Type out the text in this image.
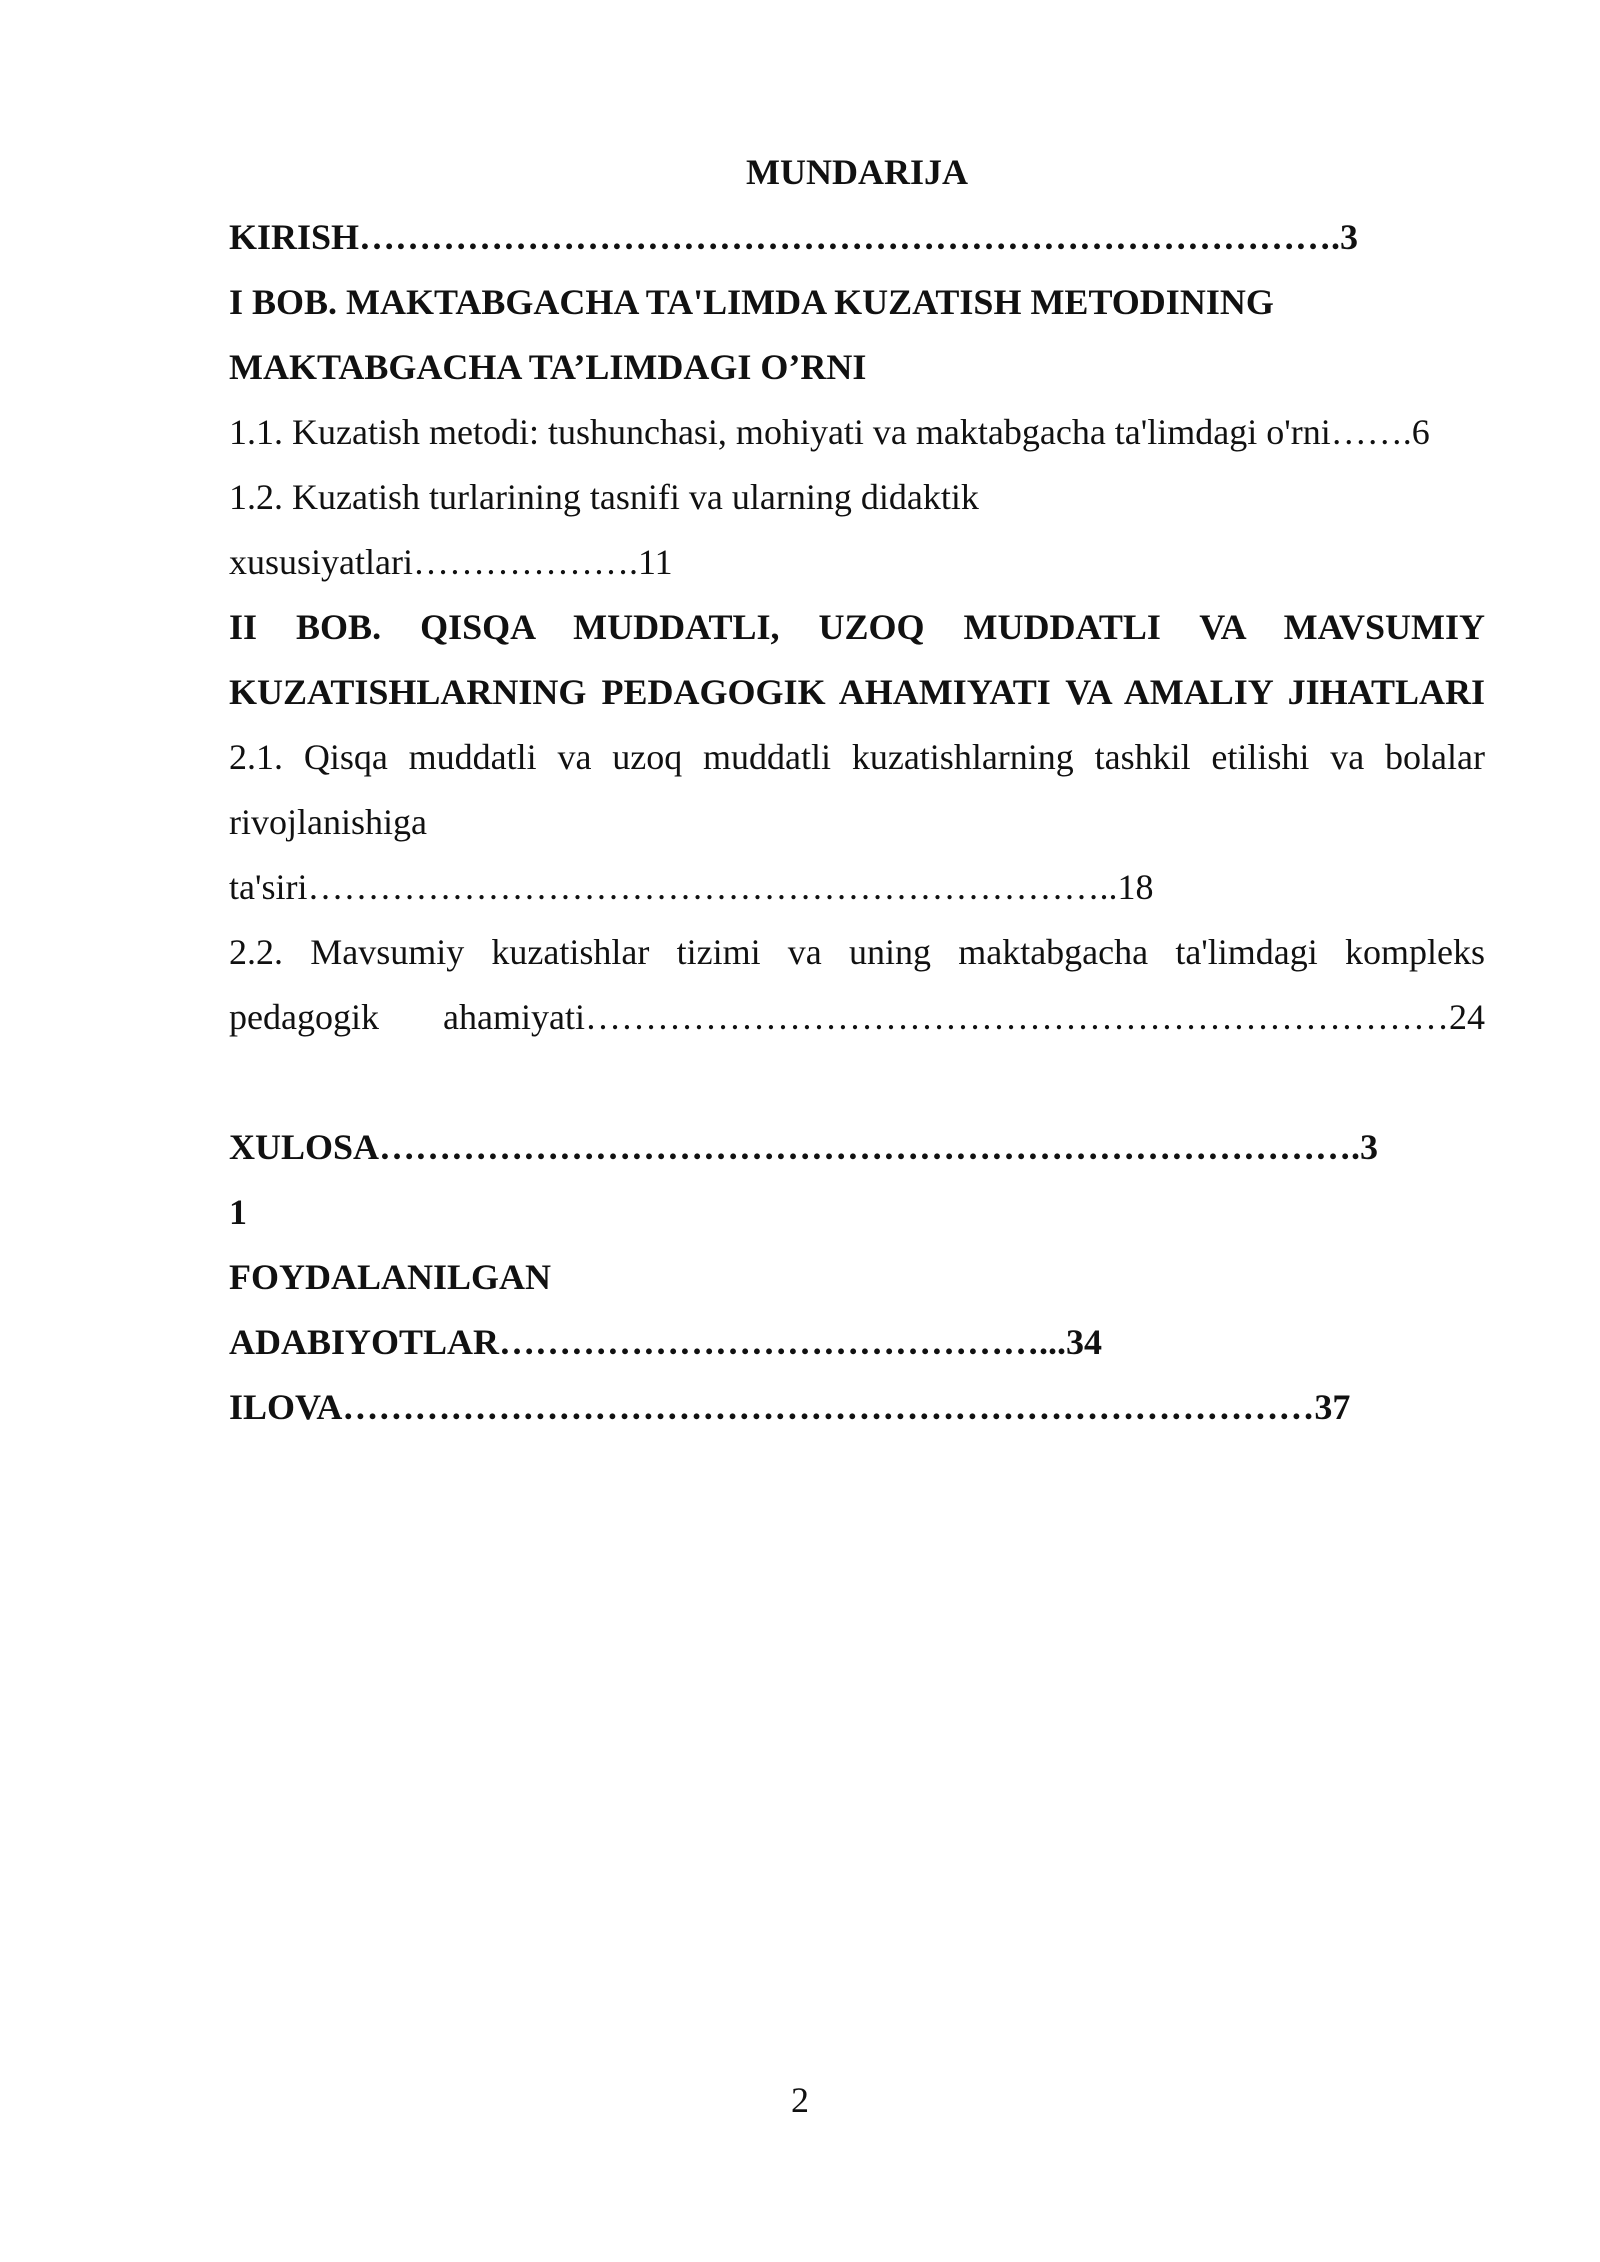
MUNDARIJA

KIRISH……………………………………………………………………….3

I BOB. MAKTABGACHA TA'LIMDA KUZATISH METODINING

MAKTABGACHA TA’LIMDAGI O’RNI

1.1. Kuzatish metodi: tushunchasi, mohiyati va maktabgacha ta'limdagi o'rni…….6

1.2. Kuzatish turlarining tasnifi va ularning didaktik

xususiyatlari……………….11

II BOB. QISQA MUDDATLI, UZOQ MUDDATLI VA MAVSUMIY KUZATISHLARNING PEDAGOGIK AHAMIYATI VA AMALIY JIHATLARI

2.1. Qisqa muddatli va uzoq muddatli kuzatishlarning tashkil etilishi va bolalar rivojlanishiga

ta'siri…………………………………………………………..18

2.2. Mavsumiy kuzatishlar tizimi va uning maktabgacha ta'limdagi kompleks pedagogik ahamiyati………………………………………………………………24

XULOSA……………………………………………………………………….3

1

FOYDALANILGAN

ADABIYOTLAR………………………………………...34

ILOVA………………………………………………………………………37

2
